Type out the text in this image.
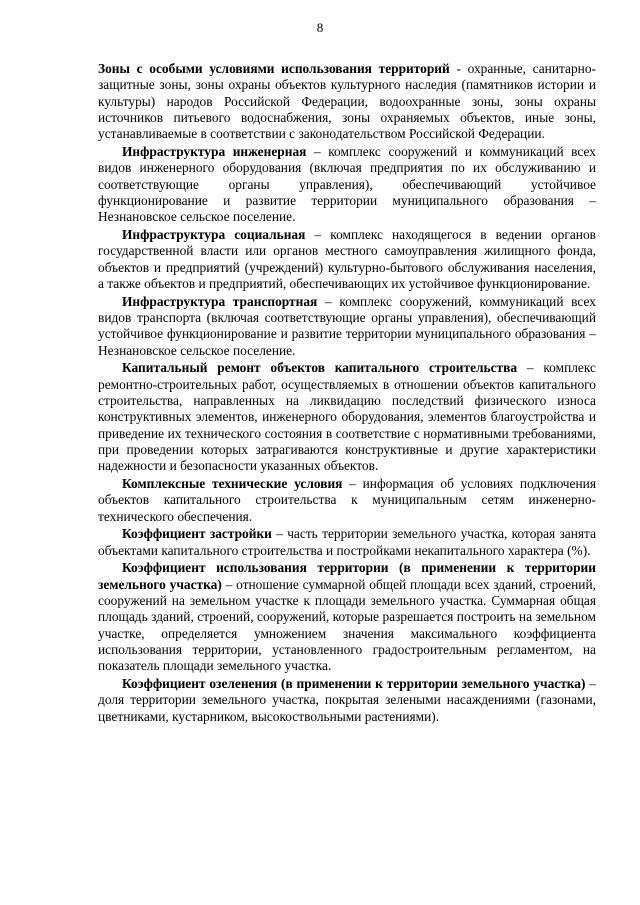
8

Зоны с особыми условиями использования территорий - охранные, санитарно-защитные зоны, зоны охраны объектов культурного наследия (памятников истории и культуры) народов Российской Федерации, водоохранные зоны, зоны охраны источников питьевого водоснабжения, зоны охраняемых объектов, иные зоны, устанавливаемые в соответствии с законодательством Российской Федерации.

Инфраструктура инженерная – комплекс сооружений и коммуникаций всех видов инженерного оборудования (включая предприятия по их обслуживанию и соответствующие органы управления), обеспечивающий устойчивое функционирование и развитие территории муниципального образования – Незнановское сельское поселение.

Инфраструктура социальная – комплекс находящегося в ведении органов государственной власти или органов местного самоуправления жилищного фонда, объектов и предприятий (учреждений) культурно-бытового обслуживания населения, а также объектов и предприятий, обеспечивающих их устойчивое функционирование.

Инфраструктура транспортная – комплекс сооружений, коммуникаций всех видов транспорта (включая соответствующие органы управления), обеспечивающий устойчивое функционирование и развитие территории муниципального образования – Незнановское сельское поселение.

Капитальный ремонт объектов капитального строительства – комплекс ремонтно-строительных работ, осуществляемых в отношении объектов капитального строительства, направленных на ликвидацию последствий физического износа конструктивных элементов, инженерного оборудования, элементов благоустройства и приведение их технического состояния в соответствие с нормативными требованиями, при проведении которых затрагиваются конструктивные и другие характеристики надежности и безопасности указанных объектов.

Комплексные технические условия – информация об условиях подключения объектов капитального строительства к муниципальным сетям инженерно-технического обеспечения.

Коэффициент застройки – часть территории земельного участка, которая занята объектами капитального строительства и постройками некапитального характера (%).

Коэффициент использования территории (в применении к территории земельного участка) – отношение суммарной общей площади всех зданий, строений, сооружений на земельном участке к площади земельного участка. Суммарная общая площадь зданий, строений, сооружений, которые разрешается построить на земельном участке, определяется умножением значения максимального коэффициента использования территории, установленного градостроительным регламентом, на показатель площади земельного участка.

Коэффициент озеленения (в применении к территории земельного участка) – доля территории земельного участка, покрытая зелеными насаждениями (газонами, цветниками, кустарником, высокоствольными растениями).
